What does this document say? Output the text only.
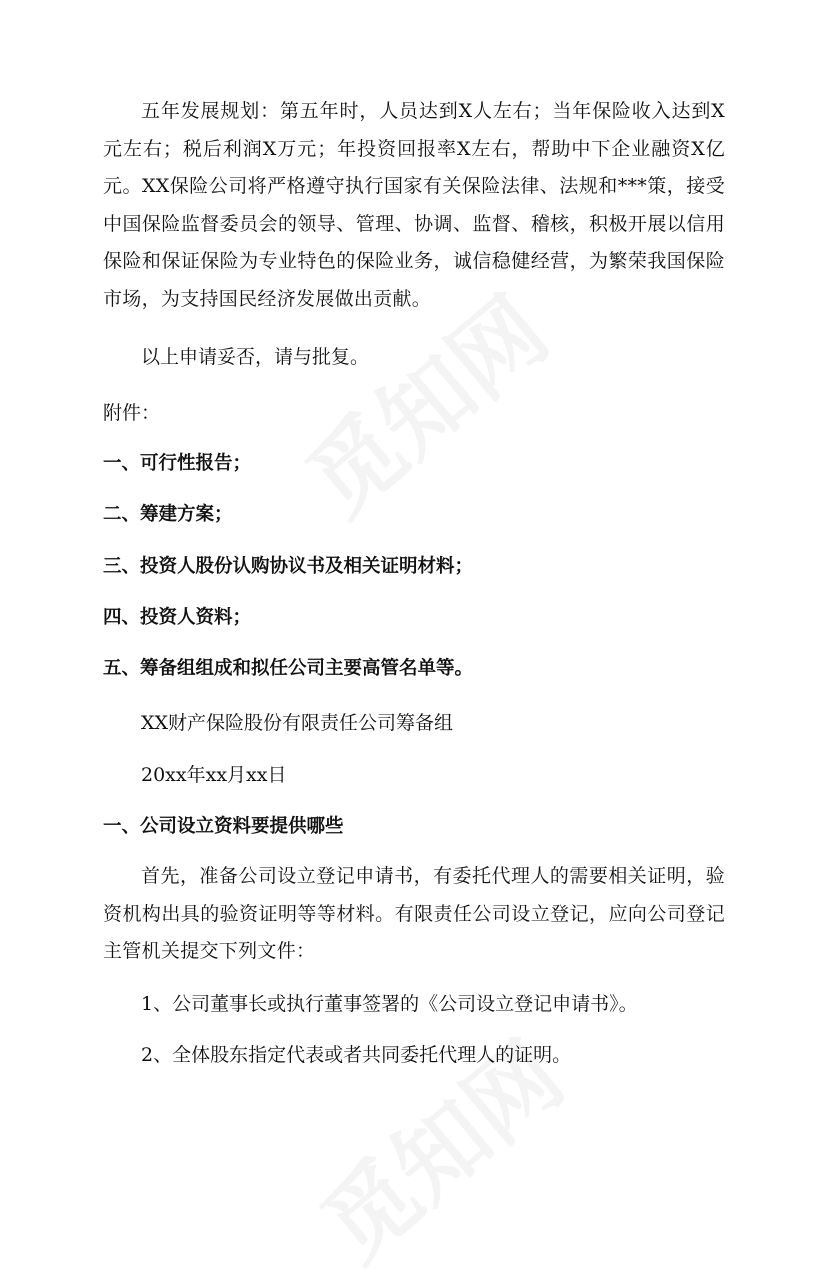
五年发展规划：第五年时，人员达到X人左右；当年保险收入达到X元左右；税后利润X万元；年投资回报率X左右，帮助中下企业融资X亿元。XX保险公司将严格遵守执行国家有关保险法律、法规和***策，接受中国保险监督委员会的领导、管理、协调、监督、稽核，积极开展以信用保险和保证保险为专业特色的保险业务，诚信稳健经营，为繁荣我国保险市场，为支持国民经济发展做出贡献。

以上申请妥否，请与批复。

附件：

一、可行性报告；

二、筹建方案；

三、投资人股份认购协议书及相关证明材料；

四、投资人资料；

五、筹备组组成和拟任公司主要高管名单等。

XX财产保险股份有限责任公司筹备组

20xx年xx月xx日

一、公司设立资料要提供哪些

首先，准备公司设立登记申请书，有委托代理人的需要相关证明，验资机构出具的验资证明等等材料。有限责任公司设立登记，应向公司登记主管机关提交下列文件：

1、公司董事长或执行董事签署的《公司设立登记申请书》。

2、全体股东指定代表或者共同委托代理人的证明。
